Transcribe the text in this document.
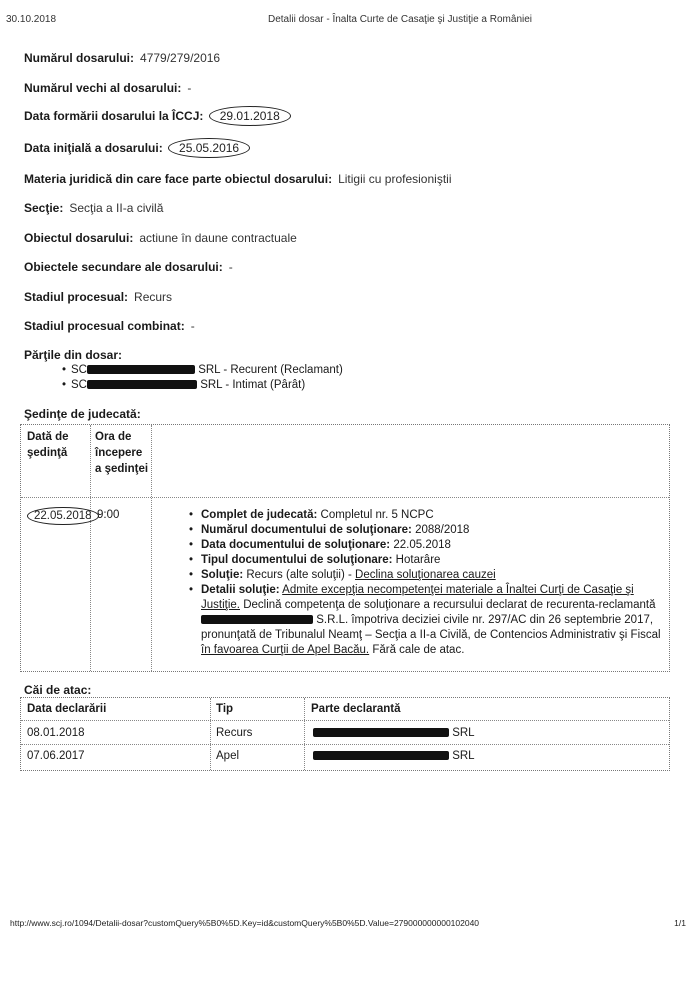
30.10.2018	Detalii dosar - Înalta Curte de Casaţie şi Justiţie a României
Numărul dosarului: 4779/279/2016
Numărul vechi al dosarului: -
Data formării dosarului la ÎCCJ: 29.01.2018
Data iniţială a dosarului: 25.05.2016
Materia juridică din care face parte obiectul dosarului: Litigii cu profesioniştii
Secţie: Secţia a II-a civilă
Obiectul dosarului: actiune în daune contractuale
Obiectele secundare ale dosarului: -
Stadiul procesual: Recurs
Stadiul procesual combinat: -
Părţile din dosar:
• SC	SRL - Recurent (Reclamant)
• SC	SRL - Intimat (Pârât)
Şedinţe de judecată:
Dată de şedinţă
Ora de începere a şedinţei
22.05.2018 9:00
•	Complet de judecată: Completul nr. 5 NCPC
• Numărul documentului de soluţionare: 2088/2018
• Data documentului de soluţionare: 22.05.2018
• Tipul documentului de soluţionare: Hotarâre
• Soluţie: Recurs (alte soluţii) - Declina soluţionarea cauzei
• Detalii soluţie: Admite excepţia necompetenţei materiale a Înaltei Curţi de Casaţie şi Justiţie. Declină competenţa de soluţionare a recursului declarat de recurenta-reclamantă  S.R.L. împotriva deciziei civile nr. 297/AC din 26 septembrie 2017, pronunţată de Tribunalul Neamţ – Secţia a II-a Civilă, de Contencios Administrativ şi Fiscal în favoarea Curţii de Apel Bacău. Fără cale de atac.
Căi de atac:
Data declarării	Tip	Parte declarantă
08.01.2018	Recurs	SRL
07.06.2017	Apel	SRL
http://www.scj.ro/1094/Detalii-dosar?customQuery%5B0%5D.Key=id&customQuery%5B0%5D.Value=279000000000102040	1/1
